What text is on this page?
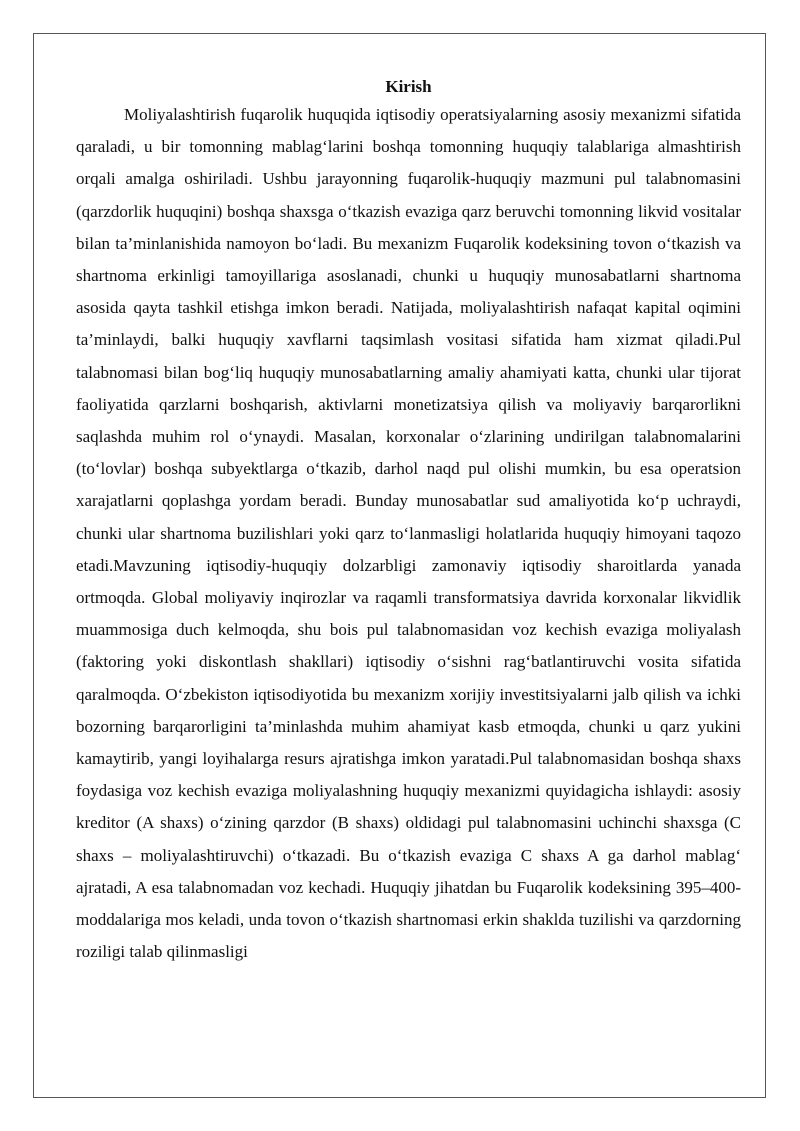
Kirish

Moliyalashtirish fuqarolik huquqida iqtisodiy operatsiyalarning asosiy mexanizmi sifatida qaraladi, u bir tomonning mablag‘larini boshqa tomonning huquqiy talablariga almashtirish orqali amalga oshiriladi. Ushbu jarayonning fuqarolik-huquqiy mazmuni pul talabnomasini (qarzdorlik huquqini) boshqa shaxsga o‘tkazish evaziga qarz beruvchi tomonning likvid vositalar bilan ta’minlanishida namoyon bo‘ladi. Bu mexanizm Fuqarolik kodeksining tovon o‘tkazish va shartnoma erkinligi tamoyillariga asoslanadi, chunki u huquqiy munosabatlarni shartnoma asosida qayta tashkil etishga imkon beradi. Natijada, moliyalashtirish nafaqat kapital oqimini ta’minlaydi, balki huquqiy xavflarni taqsimlash vositasi sifatida ham xizmat qiladi.Pul talabnomasi bilan bog‘liq huquqiy munosabatlarning amaliy ahamiyati katta, chunki ular tijorat faoliyatida qarzlarni boshqarish, aktivlarni monetizatsiya qilish va moliyaviy barqarorlikni saqlashda muhim rol o‘ynaydi. Masalan, korxonalar o‘zlarining undirilgan talabnomalarini (to‘lovlar) boshqa subyektlarga o‘tkazib, darhol naqd pul olishi mumkin, bu esa operatsion xarajatlarni qoplashga yordam beradi. Bunday munosabatlar sud amaliyotida ko‘p uchraydi, chunki ular shartnoma buzilishlari yoki qarz to‘lanmasligi holatlarida huquqiy himoyani taqozo etadi.Mavzuning iqtisodiy-huquqiy dolzarbligi zamonaviy iqtisodiy sharoitlarda yanada ortmoqda. Global moliyaviy inqirozlar va raqamli transformatsiya davrida korxonalar likvidlik muammosiga duch kelmoqda, shu bois pul talabnomasidan voz kechish evaziga moliyalash (faktoring yoki diskontlash shakllari) iqtisodiy o‘sishni rag‘batlantiruvchi vosita sifatida qaralmoqda. O‘zbekiston iqtisodiyotida bu mexanizm xorijiy investitsiyalarni jalb qilish va ichki bozorning barqarorligini ta’minlashda muhim ahamiyat kasb etmoqda, chunki u qarz yukini kamaytirib, yangi loyihalarga resurs ajratishga imkon yaratadi.Pul talabnomasidan boshqa shaxs foydasiga voz kechish evaziga moliyalashning huquqiy mexanizmi quyidagicha ishlaydi: asosiy kreditor (A shaxs) o‘zining qarzdor (B shaxs) oldidagi pul talabnomasini uchinchi shaxsga (C shaxs – moliyalashtiruvchi) o‘tkazadi. Bu o‘tkazish evaziga C shaxs A ga darhol mablag‘ ajratadi, A esa talabnomadan voz kechadi. Huquqiy jihatdan bu Fuqarolik kodeksining 395–400-moddalariga mos keladi, unda tovon o‘tkazish shartnomasi erkin shaklda tuzilishi va qarzdorning roziligi talab qilinmasligi
